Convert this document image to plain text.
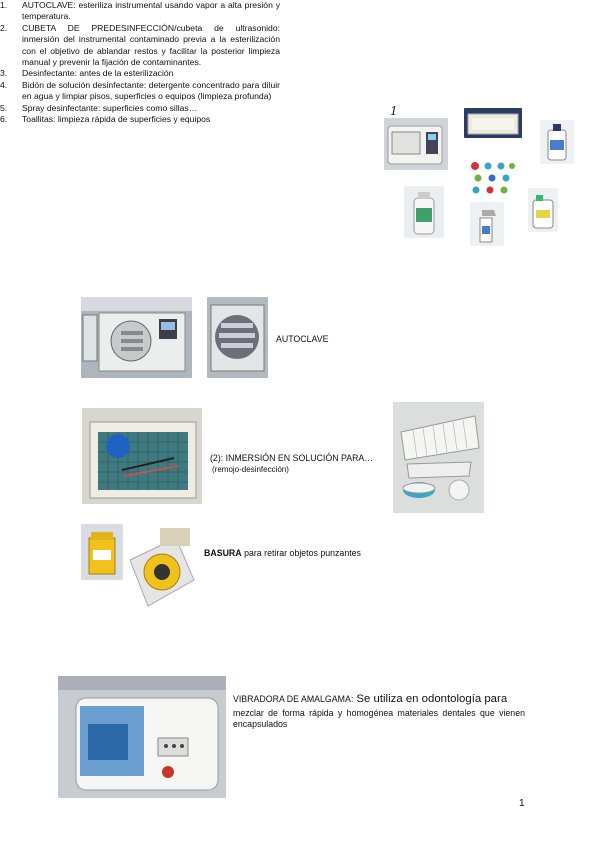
1. AUTOCLAVE: esteriliza instrumental usando vapor a alta presión y temperatura.
2. CUBETA DE PREDESINFECCIÓN/cubeta de ultrasonido: inmersión del instrumental contaminado previa a la esterilización con el objetivo de ablandar restos y facilitar la posterior limpieza manual y prevenir la fijación de contaminantes.
3. Desinfectante: antes de la esterilización
4. Bidón de solución desinfectante: detergente concentrado para diluir en agua y limpiar pisos, superficies o equipos (limpieza profunda)
5. Spray desinfectante: superficies como sillas…
6. Toallitas: limpieza rápida de superficies y equipos
1
AUTOCLAVE
(2): INMERSIÓN EN SOLUCIÓN PARA…
(remojo-desinfección)
BASURA para retirar objetos punzantes
VIBRADORA DE AMALGAMA: Se utiliza en odontología para
mezclar de forma rápida y homogénea materiales dentales que vienen encapsulados
1
